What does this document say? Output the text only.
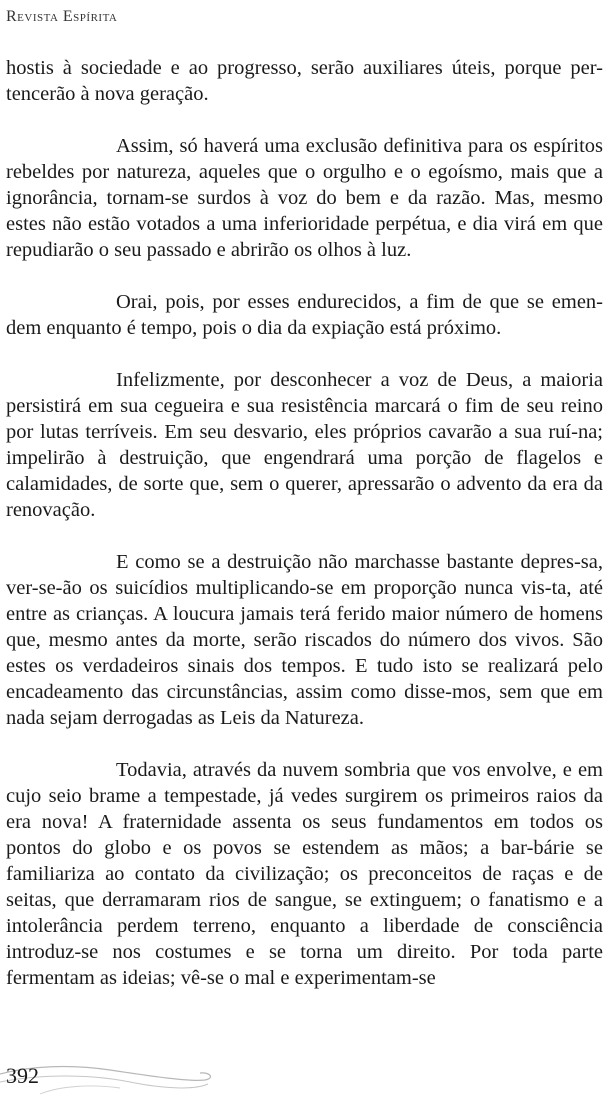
Revista Espírita

hostis à sociedade e ao progresso, serão auxiliares úteis, porque per-tencerão à nova geração.

Assim, só haverá uma exclusão definitiva para os espíritos rebeldes por natureza, aqueles que o orgulho e o egoísmo, mais que a ignorância, tornam-se surdos à voz do bem e da razão. Mas, mesmo estes não estão votados a uma inferioridade perpétua, e dia virá em que repudiarão o seu passado e abrirão os olhos à luz.

Orai, pois, por esses endurecidos, a fim de que se emen-dem enquanto é tempo, pois o dia da expiação está próximo.

Infelizmente, por desconhecer a voz de Deus, a maioria persistirá em sua cegueira e sua resistência marcará o fim de seu reino por lutas terríveis. Em seu desvario, eles próprios cavarão a sua ruí-na; impelirão à destruição, que engendrará uma porção de flagelos e calamidades, de sorte que, sem o querer, apressarão o advento da era da renovação.

E como se a destruição não marchasse bastante depres-sa, ver-se-ão os suicídios multiplicando-se em proporção nunca vis-ta, até entre as crianças. A loucura jamais terá ferido maior número de homens que, mesmo antes da morte, serão riscados do número dos vivos. São estes os verdadeiros sinais dos tempos. E tudo isto se realizará pelo encadeamento das circunstâncias, assim como disse-mos, sem que em nada sejam derrogadas as Leis da Natureza.

Todavia, através da nuvem sombria que vos envolve, e em cujo seio brame a tempestade, já vedes surgirem os primeiros raios da era nova! A fraternidade assenta os seus fundamentos em todos os pontos do globo e os povos se estendem as mãos; a bar-bárie se familiariza ao contato da civilização; os preconceitos de raças e de seitas, que derramaram rios de sangue, se extinguem; o fanatismo e a intolerância perdem terreno, enquanto a liberdade de consciência introduz-se nos costumes e se torna um direito. Por toda parte fermentam as ideias; vê-se o mal e experimentam-se

392
